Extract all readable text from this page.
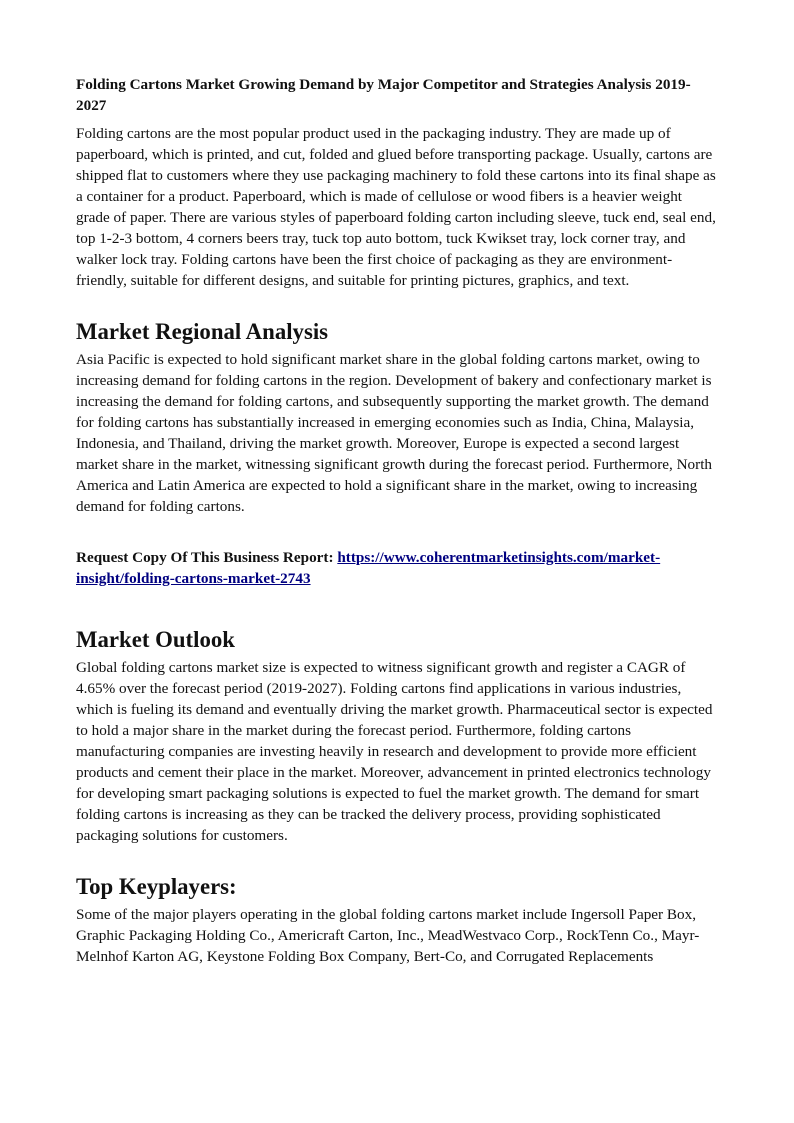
Folding Cartons Market Growing Demand by Major Competitor and Strategies Analysis 2019-2027

Folding cartons are the most popular product used in the packaging industry. They are made up of paperboard, which is printed, and cut, folded and glued before transporting package. Usually, cartons are shipped flat to customers where they use packaging machinery to fold these cartons into its final shape as a container for a product. Paperboard, which is made of cellulose or wood fibers is a heavier weight grade of paper. There are various styles of paperboard folding carton including sleeve, tuck end, seal end, top 1-2-3 bottom, 4 corners beers tray, tuck top auto bottom, tuck Kwikset tray, lock corner tray, and walker lock tray. Folding cartons have been the first choice of packaging as they are environment-friendly, suitable for different designs, and suitable for printing pictures, graphics, and text.

Market Regional Analysis

Asia Pacific is expected to hold significant market share in the global folding cartons market, owing to increasing demand for folding cartons in the region. Development of bakery and confectionary market is increasing the demand for folding cartons, and subsequently supporting the market growth. The demand for folding cartons has substantially increased in emerging economies such as India, China, Malaysia, Indonesia, and Thailand, driving the market growth. Moreover, Europe is expected a second largest market share in the market, witnessing significant growth during the forecast period. Furthermore, North America and Latin America are expected to hold a significant share in the market, owing to increasing demand for folding cartons.

Request Copy Of This Business Report: https://www.coherentmarketinsights.com/market-insight/folding-cartons-market-2743

Market Outlook

Global folding cartons market size is expected to witness significant growth and register a CAGR of 4.65% over the forecast period (2019-2027). Folding cartons find applications in various industries, which is fueling its demand and eventually driving the market growth. Pharmaceutical sector is expected to hold a major share in the market during the forecast period. Furthermore, folding cartons manufacturing companies are investing heavily in research and development to provide more efficient products and cement their place in the market. Moreover, advancement in printed electronics technology for developing smart packaging solutions is expected to fuel the market growth. The demand for smart folding cartons is increasing as they can be tracked the delivery process, providing sophisticated packaging solutions for customers.

Top Keyplayers:

Some of the major players operating in the global folding cartons market include Ingersoll Paper Box, Graphic Packaging Holding Co., Americraft Carton, Inc., MeadWestvaco Corp., RockTenn Co., Mayr-Melnhof Karton AG, Keystone Folding Box Company, Bert-Co, and Corrugated Replacements
